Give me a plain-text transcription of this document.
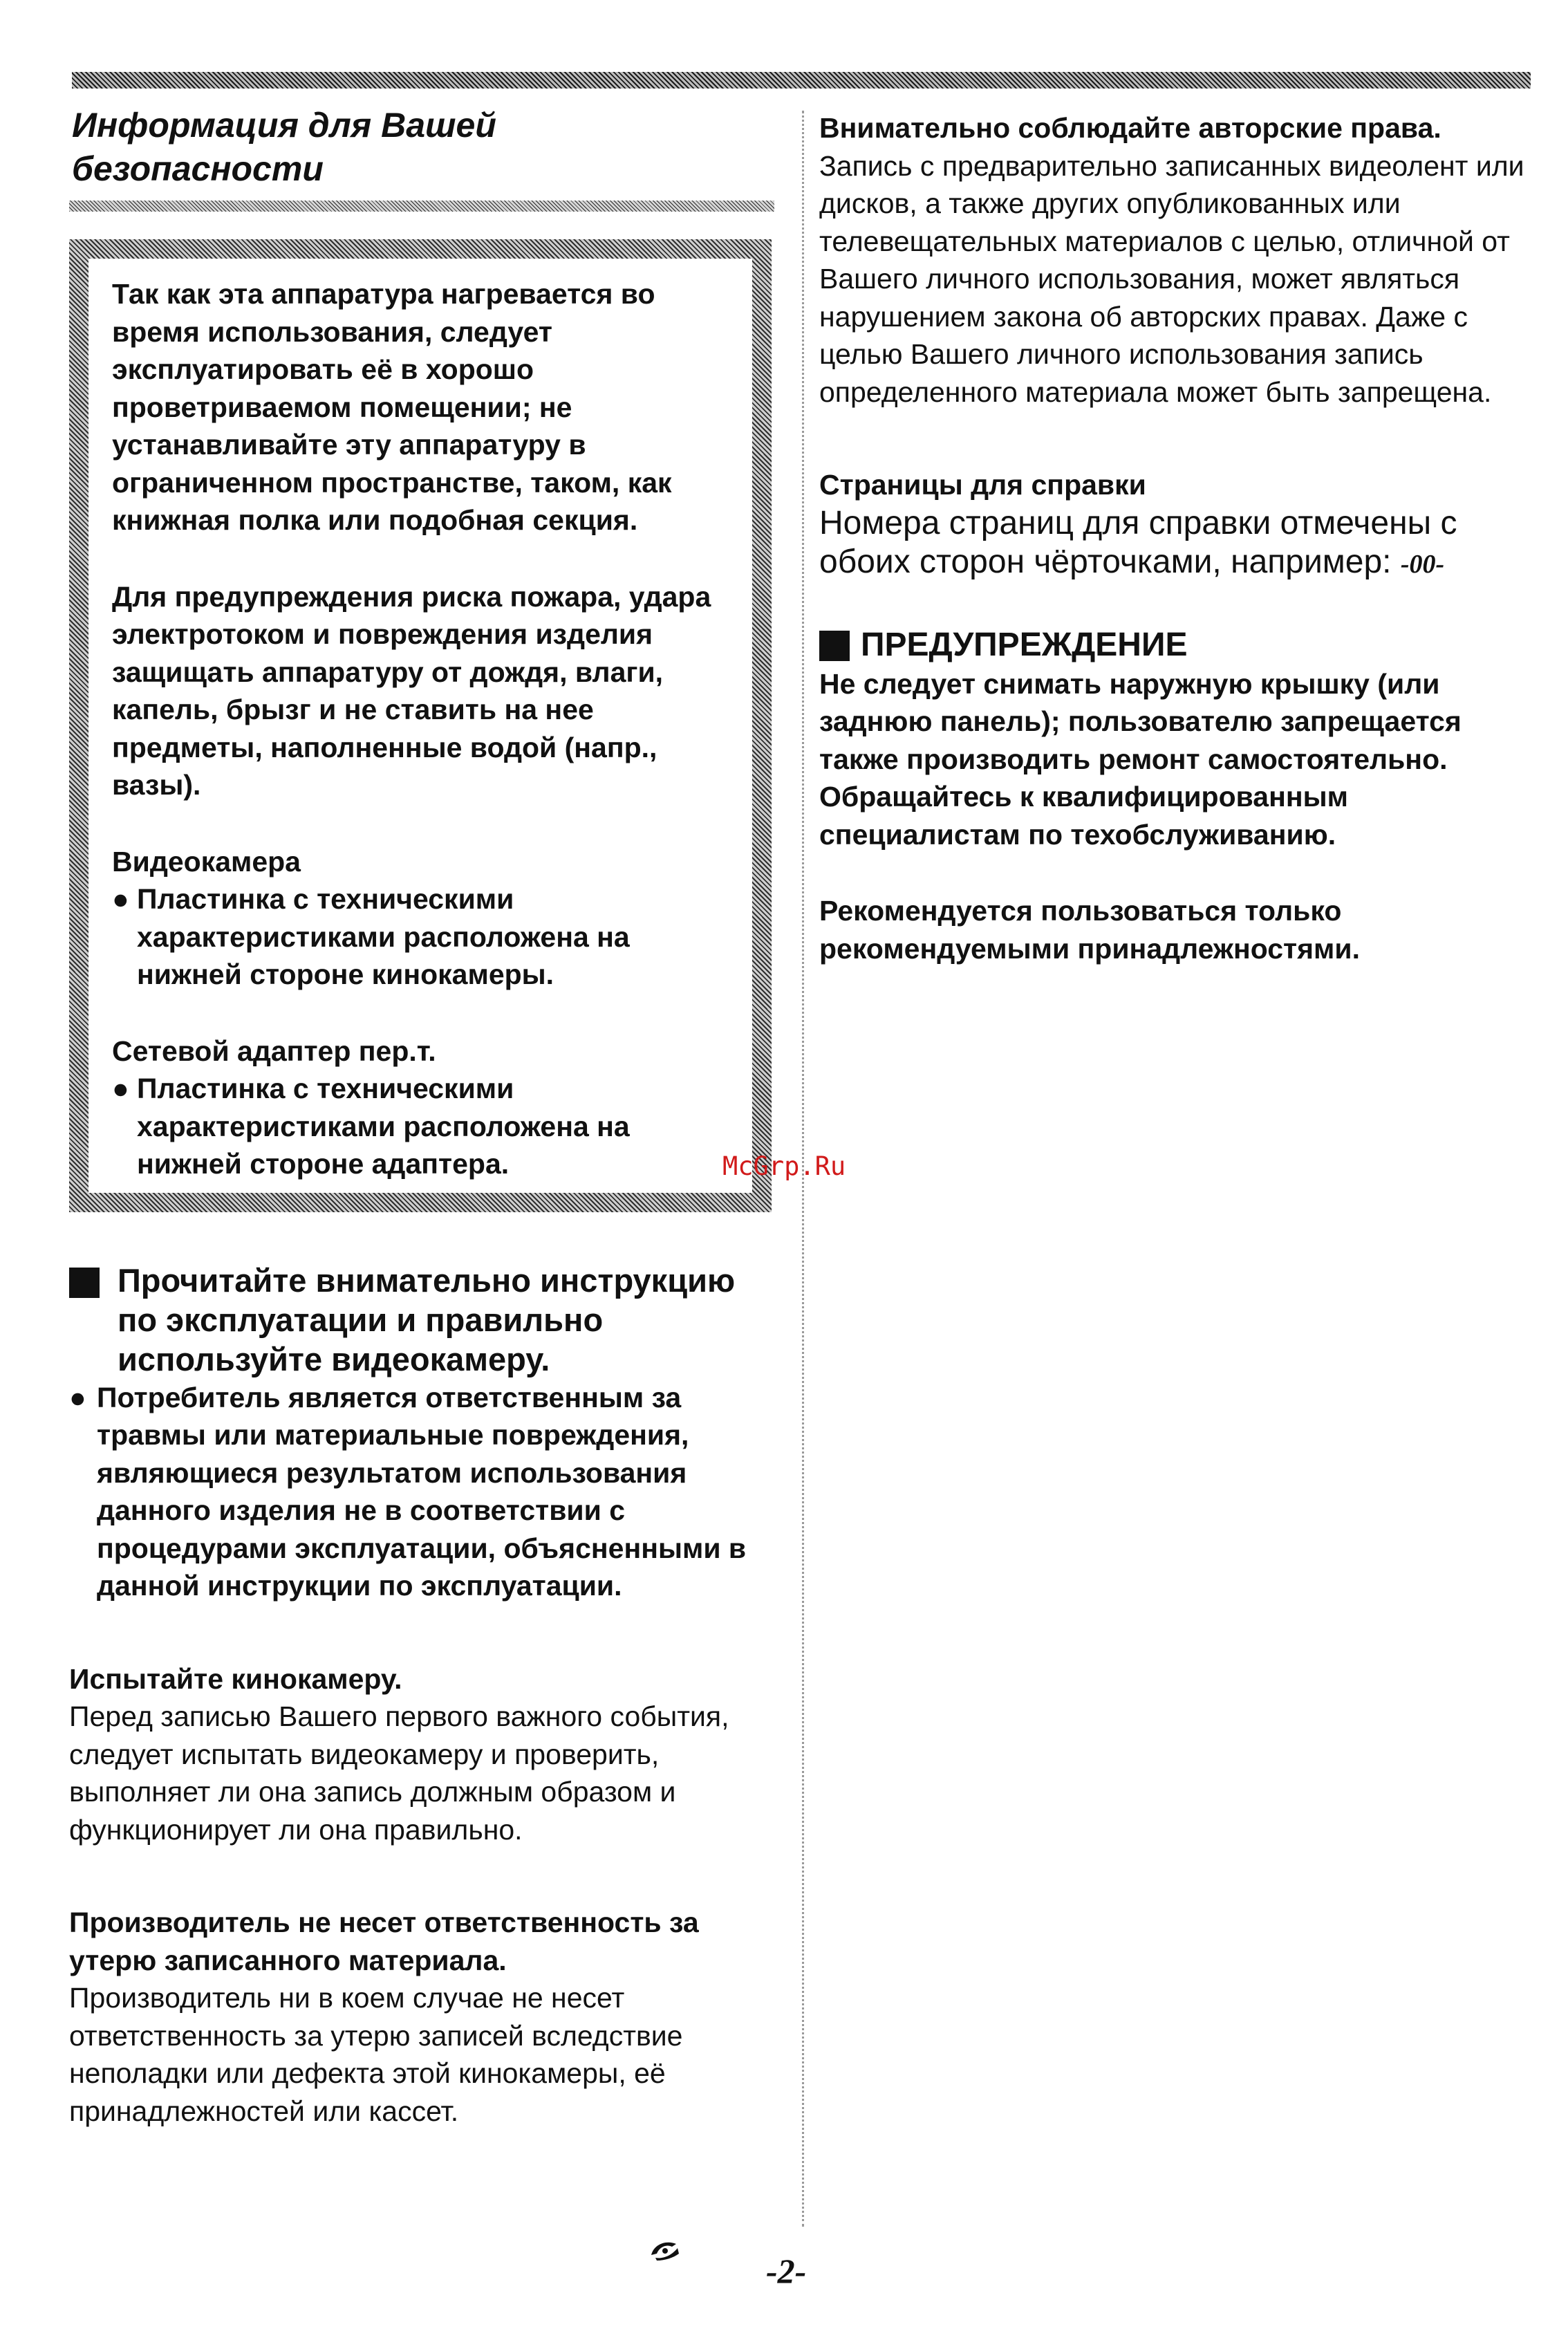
Информация для Вашей безопасности

Так как эта аппаратура нагревается во время использования, следует эксплуатировать её в хорошо проветриваемом помещении; не устанавливайте эту аппаратуру в ограниченном пространстве, таком, как книжная полка или подобная секция.

Для предупреждения риска пожара, удара электротоком и повреждения изделия защищать аппаратуру от дождя, влаги, капель, брызг и не ставить на нее предметы, наполненные водой (напр., вазы).

Видеокамера

● Пластинка с техническими характеристиками расположена на нижней стороне кинокамеры.

Сетевой адаптер пер.т.

● Пластинка с техническими характеристиками расположена на нижней стороне адаптера.
Прочитайте внимательно инструкцию по эксплуатации и правильно используйте видеокамеру.
● Потребитель является ответственным за травмы или материальные повреждения, являющиеся результатом использования данного изделия не в соответствии с процедурами эксплуатации, объясненными в данной инструкции по эксплуатации.

Испытайте кинокамеру.

Перед записью Вашего первого важного события, следует испытать видеокамеру и проверить, выполняет ли она запись должным образом и функционирует ли она правильно.

Производитель не несет ответственность за утерю записанного материала.

Производитель ни в коем случае не несет ответственность за утерю записей вследствие неполадки или дефекта этой кинокамеры, её принадлежностей или кассет.

Внимательно соблюдайте авторские права.

Запись с предварительно записанных видеолент или дисков, а также других опубликованных или телевещательных материалов с целью, отличной от Вашего личного использования, может являться нарушением закона об авторских правах. Даже с целью Вашего личного использования запись определенного материала может быть запрещена.

Страницы для справки

Номера страниц для справки отмечены с обоих сторон чёрточками, например: -00-

ПРЕДУПРЕЖДЕНИЕ

Не следует снимать наружную крышку (или заднюю панель); пользователю запрещается также производить ремонт самостоятельно.

Обращайтесь к квалифицированным специалистам по техобслуживанию.

Рекомендуется пользоваться только рекомендуемыми принадлежностями.

McGrp.Ru
-2-
